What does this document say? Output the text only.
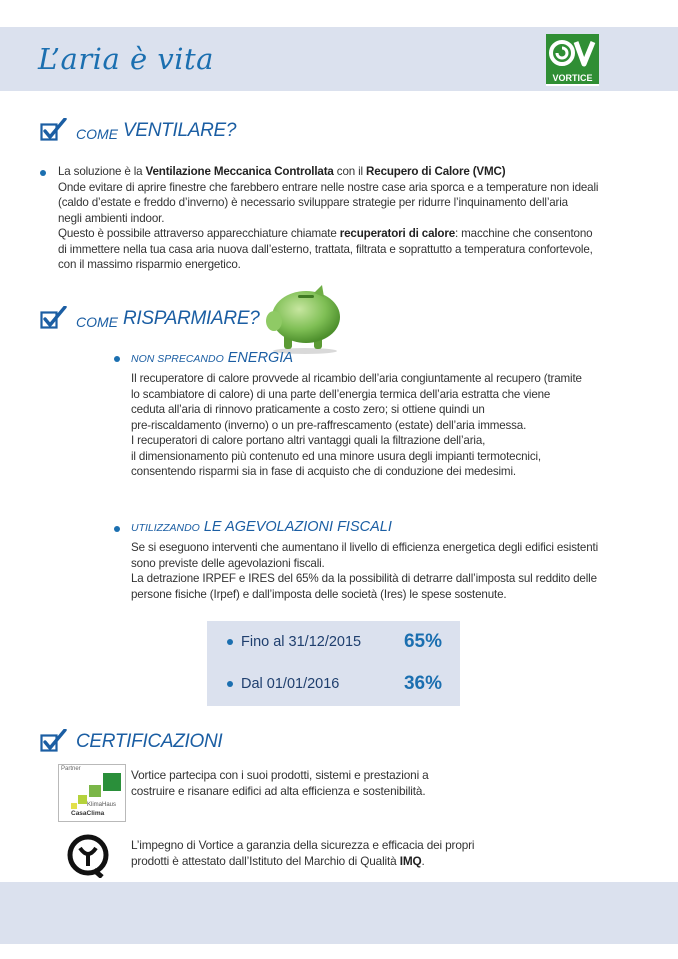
L’aria è vita
VORTICE
COME VENTILARE?
La soluzione è la Ventilazione Meccanica Controllata con il Recupero di Calore (VMC)
Onde evitare di aprire finestre che farebbero entrare nelle nostre case aria sporca e a temperature non ideali
(caldo d’estate e freddo d’inverno) è necessario sviluppare strategie per ridurre l’inquinamento dell’aria
negli ambienti indoor.
Questo è possibile attraverso apparecchiature chiamate recuperatori di calore: macchine che consentono
di immettere nella tua casa aria nuova dall’esterno, trattata, filtrata e soprattutto a temperatura confortevole,
con il massimo risparmio energetico.
COME RISPARMIARE?
NON SPRECANDO ENERGIA
Il recuperatore di calore provvede al ricambio dell’aria congiuntamente al recupero (tramite
lo scambiatore di calore) di una parte dell’energia termica dell’aria estratta che viene
ceduta all’aria di rinnovo praticamente a costo zero; si ottiene quindi un
pre-riscaldamento (inverno) o un pre-raffrescamento (estate) dell’aria immessa.
I recuperatori di calore portano altri vantaggi quali la filtrazione dell’aria,
il dimensionamento più contenuto ed una minore usura degli impianti termotecnici,
consentendo risparmi sia in fase di acquisto che di conduzione dei medesimi.
UTILIZZANDO LE AGEVOLAZIONI FISCALI
Se si eseguono interventi che aumentano il livello di efficienza energetica degli edifici esistenti
sono previste delle agevolazioni fiscali.
La detrazione IRPEF e IRES del 65% da la possibilità di detrarre dall’imposta sul reddito delle
persone fisiche (Irpef) e dall’imposta delle società (Ires) le spese sostenute.
Fino al 31/12/2015	65%
Dal 01/01/2016	36%
CERTIFICAZIONI
Partner
KlimaHaus
CasaClima
Vortice partecipa con i suoi prodotti, sistemi e prestazioni a
costruire e risanare edifici ad alta efficienza e sostenibilità.
L’impegno di Vortice a garanzia della sicurezza e efficacia dei propri
prodotti è attestato dall’Istituto del Marchio di Qualità IMQ.
